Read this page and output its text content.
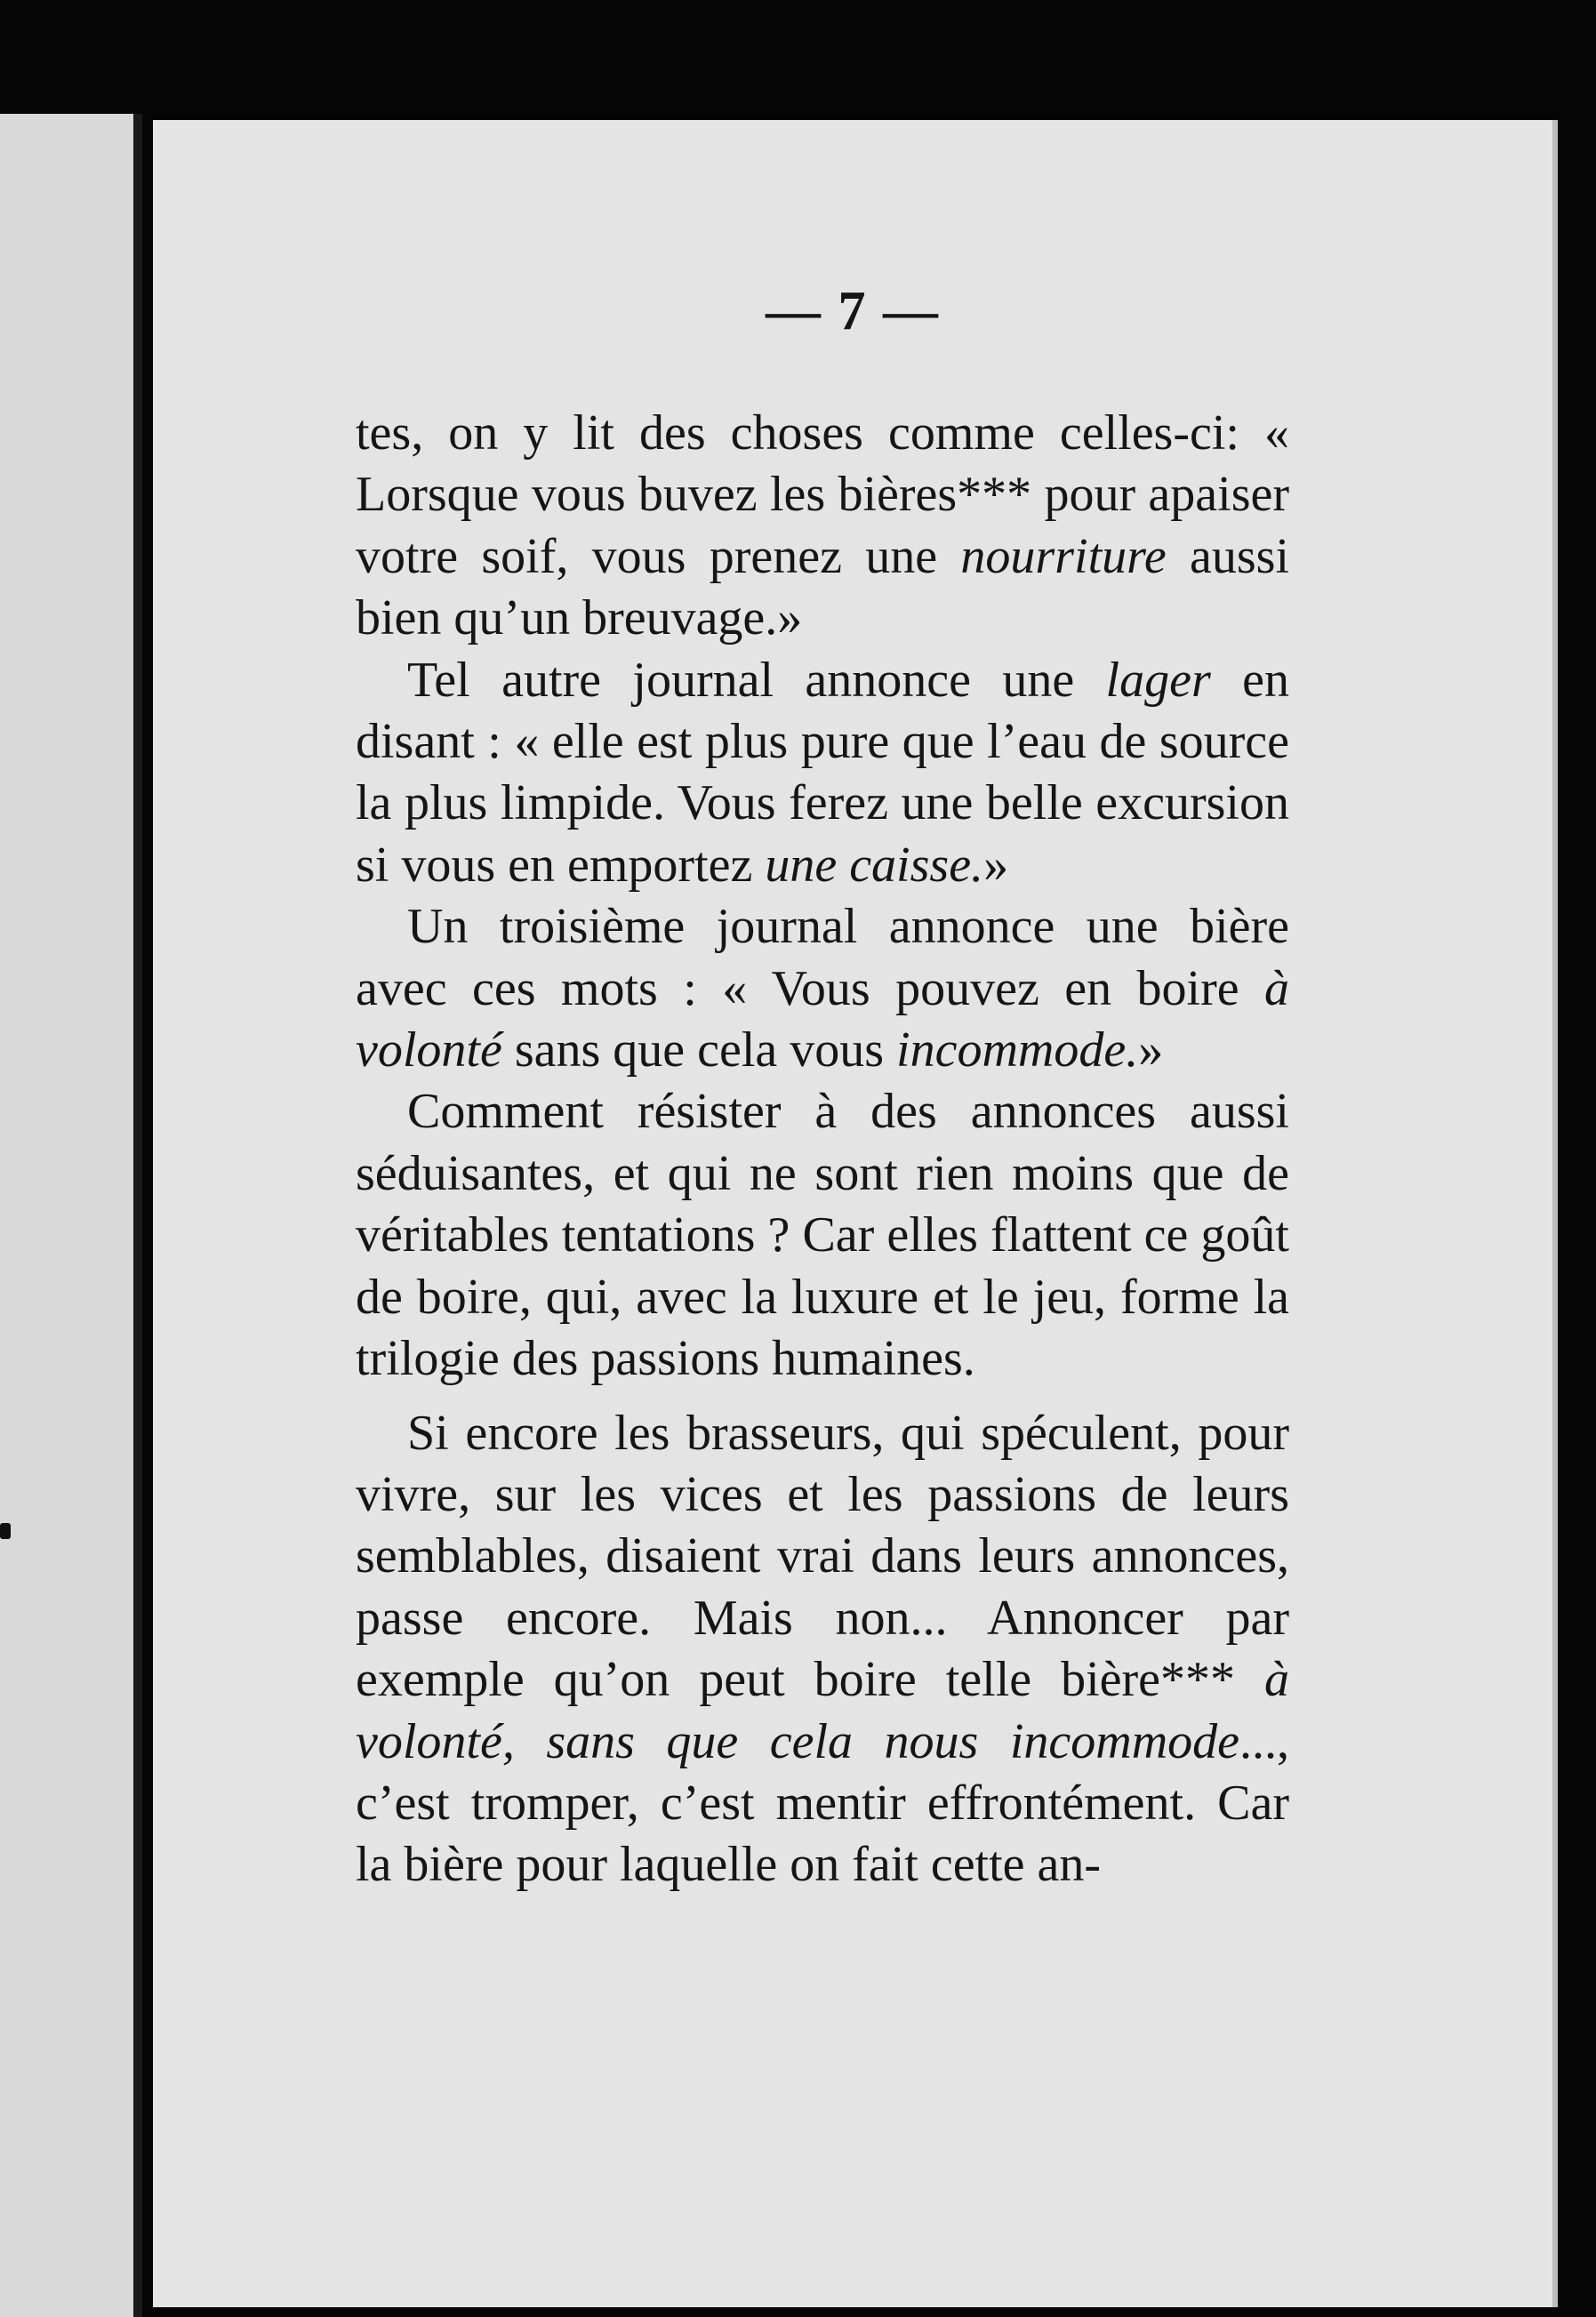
— 7 —

tes, on y lit des choses comme celles-ci: « Lorsque vous buvez les bières*** pour apaiser votre soif, vous prenez une nourriture aussi bien qu’un breuvage.»

Tel autre journal annonce une lager en disant : « elle est plus pure que l’eau de source la plus limpide. Vous ferez une belle excursion si vous en emportez une caisse.»

Un troisième journal annonce une bière avec ces mots : « Vous pouvez en boire à volonté sans que cela vous incommode.»

Comment résister à des annonces aussi séduisantes, et qui ne sont rien moins que de véritables tentations ? Car elles flattent ce goût de boire, qui, avec la luxure et le jeu, forme la trilogie des passions humaines.

Si encore les brasseurs, qui spéculent, pour vivre, sur les vices et les passions de leurs semblables, disaient vrai dans leurs annonces, passe encore. Mais non... Annoncer par exemple qu’on peut boire telle bière*** à volonté, sans que cela nous incommode..., c’est tromper, c’est mentir effrontément. Car la bière pour laquelle on fait cette an-
